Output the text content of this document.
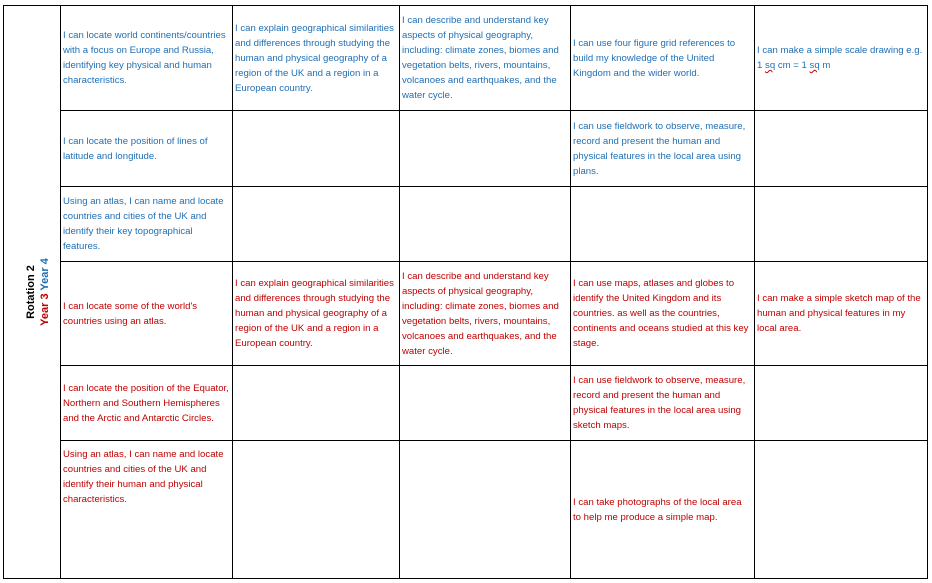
Rotation 2 Year 3 Year 4	I can locate world continents/countries with a focus on Europe and Russia, identifying key physical and human characteristics.	I can explain geographical similarities and differences through studying the human and physical geography of a region of the UK and a region in a European country.	I can describe and understand key aspects of physical geography, including: climate zones, biomes and vegetation belts, rivers, mountains, volcanoes and earthquakes, and the water cycle.	I can use four figure grid references to build my knowledge of the United Kingdom and the wider world.	I can make a simple scale drawing e.g. 1 sq cm = 1 sq m
	I can locate the position of lines of latitude and longitude.			I can use fieldwork to observe, measure, record and present the human and physical features in the local area using plans.	
	Using an atlas, I can name and locate countries and cities of the UK and identify their key topographical features.				
	I can locate some of the world's countries using an atlas.	I can explain geographical similarities and differences through studying the human and physical geography of a region of the UK and a region in a European country.	I can describe and understand key aspects of physical geography, including: climate zones, biomes and vegetation belts, rivers, mountains, volcanoes and earthquakes, and the water cycle.	I can use maps, atlases and globes to identify the United Kingdom and its countries. as well as the countries, continents and oceans studied at this key stage.	I can make a simple sketch map of the human and physical features in my local area.
	I can locate the position of the Equator, Northern and Southern Hemispheres and the Arctic and Antarctic Circles.			I can use fieldwork to observe, measure, record and present the human and physical features in the local area using sketch maps.	
	Using an atlas, I can name and locate countries and cities of the UK and identify their human and physical characteristics.			I can take photographs of the local area to help me produce a simple map.	
